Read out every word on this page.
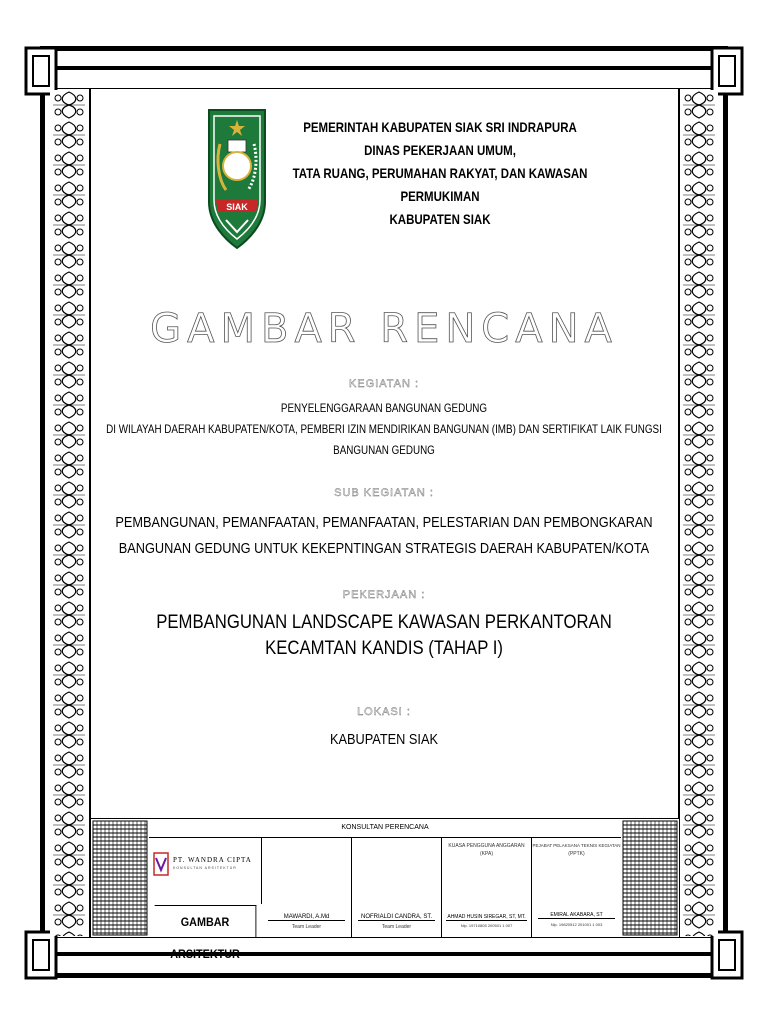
SIAK
PEMERINTAH KABUPATEN SIAK SRI INDRAPURA
DINAS PEKERJAAN UMUM,
TATA RUANG, PERUMAHAN RAKYAT, DAN KAWASAN
PERMUKIMAN
KABUPATEN SIAK
GAMBAR RENCANA
KEGIATAN :
PENYELENGGARAAN BANGUNAN GEDUNG
DI WILAYAH DAERAH KABUPATEN/KOTA, PEMBERI IZIN MENDIRIKAN BANGUNAN (IMB) DAN SERTIFIKAT LAIK FUNGSI
BANGUNAN GEDUNG
SUB KEGIATAN :
PEMBANGUNAN, PEMANFAATAN, PEMANFAATAN, PELESTARIAN DAN PEMBONGKARAN
BANGUNAN GEDUNG UNTUK KEKEPNTINGAN STRATEGIS DAERAH KABUPATEN/KOTA
PEKERJAAN :
PEMBANGUNAN LANDSCAPE KAWASAN PERKANTORAN
KECAMTAN KANDIS (TAHAP I)
LOKASI :
KABUPATEN SIAK
KONSULTAN PERENCANA
PT. WANDRA CIPTA
KONSULTAN ARSITEKTUR
GAMBAR ARSITEKTUR
MAWARDI, A.Md
Team Leader
NOFRIALDI CANDRA, ST.
Team Leader
KUASA PENGGUNA ANGGARAN
(KPA)
AHMAD HUSIN SIREGAR, ST, MT.
Nip. 19710805 200501 1 007
PEJABAT PELAKSANA TEKNIS KEGIATAN
(PPTK)
EMIRAL AKABARA, ST
Nip. 19820512 201001 1 003
